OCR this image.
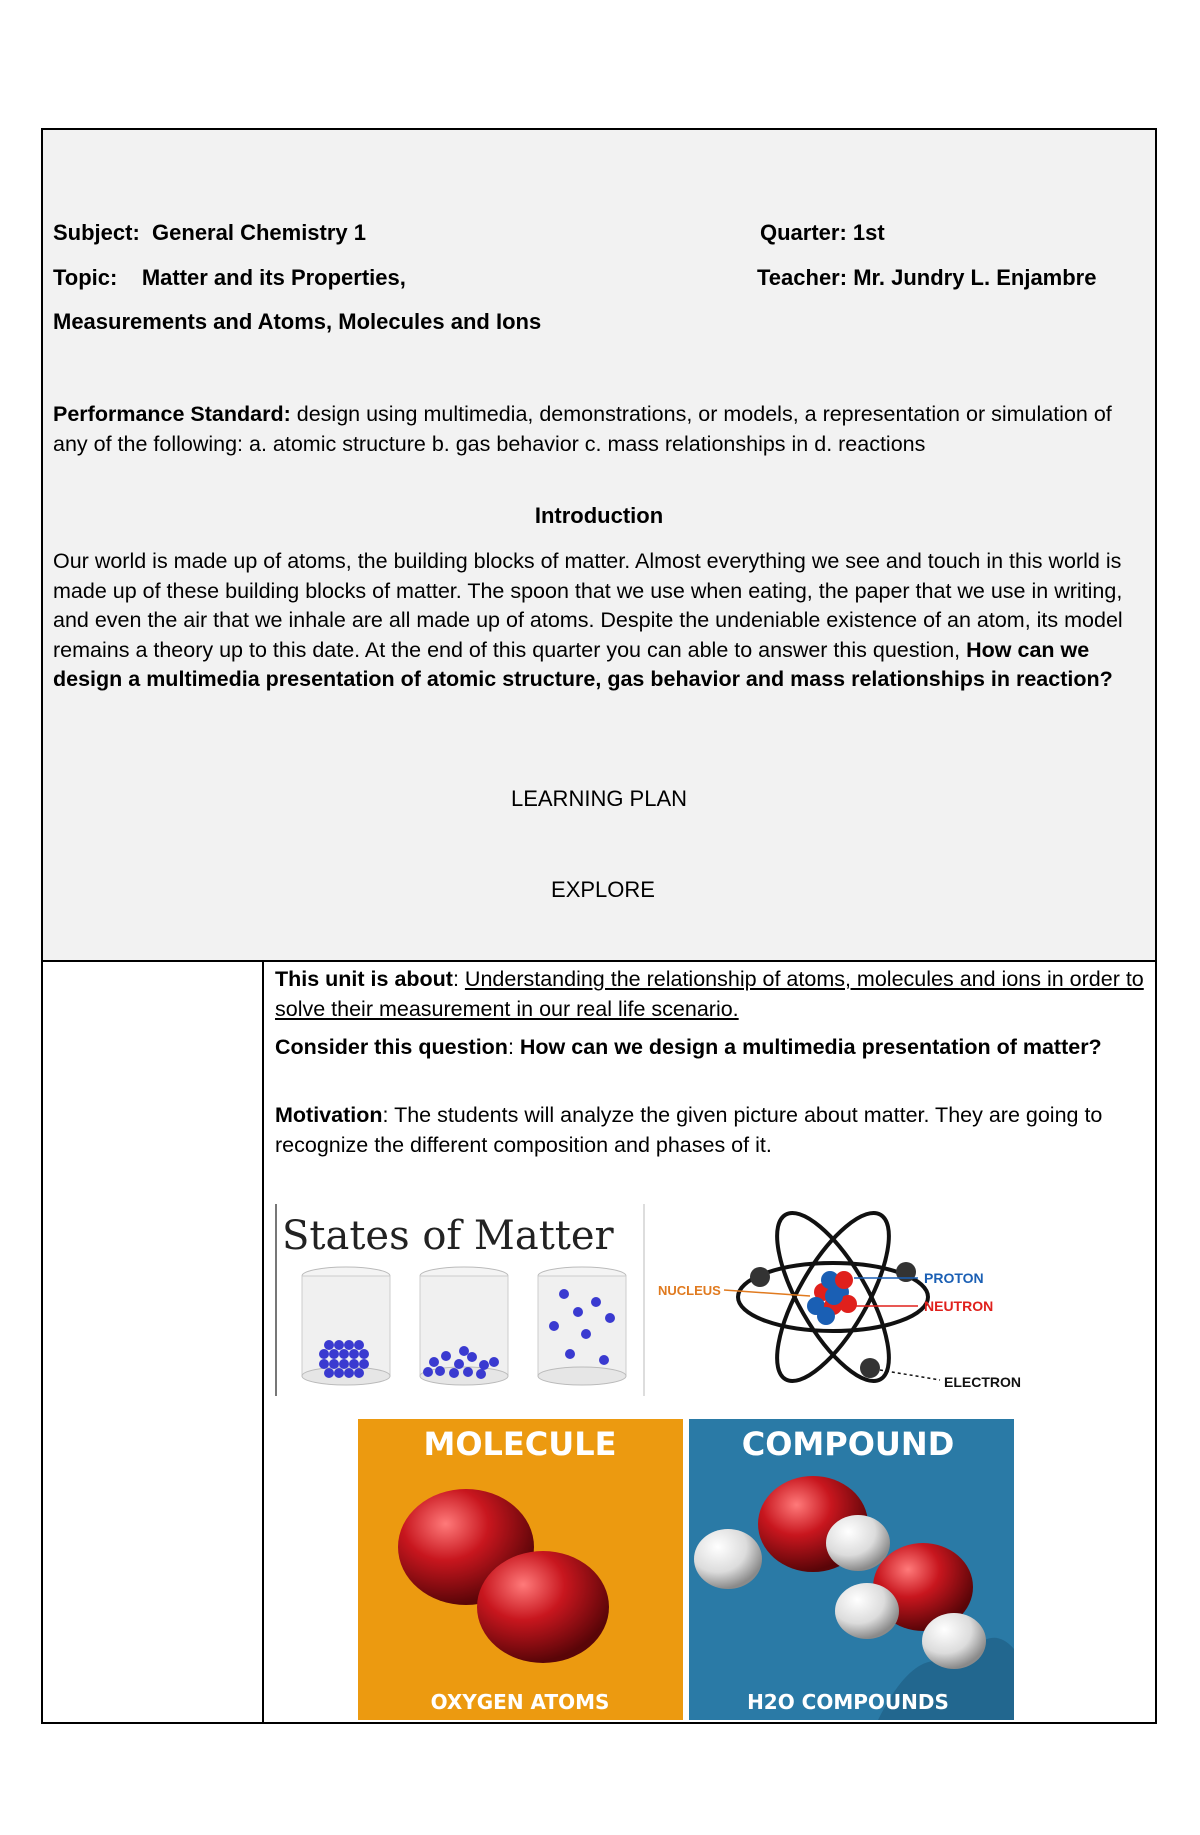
Subject: General Chemistry 1	Quarter: 1st
Topic: Matter and its Properties,	Teacher: Mr. Jundry L. Enjambre
Measurements and Atoms, Molecules and Ions
Performance Standard: design using multimedia, demonstrations, or models, a representation or simulation of any of the following: a. atomic structure b. gas behavior c. mass relationships in d. reactions
Introduction
Our world is made up of atoms, the building blocks of matter. Almost everything we see and touch in this world is made up of these building blocks of matter. The spoon that we use when eating, the paper that we use in writing, and even the air that we inhale are all made up of atoms. Despite the undeniable existence of an atom, its model remains a theory up to this date. At the end of this quarter you can able to answer this question, How can we design a multimedia presentation of atomic structure, gas behavior and mass relationships in reaction?
LEARNING PLAN
EXPLORE
This unit is about: Understanding the relationship of atoms, molecules and ions in order to solve their measurement in our real life scenario.
Consider this question: How can we design a multimedia presentation of matter?
Motivation: The students will analyze the given picture about matter. They are going to recognize the different composition and phases of it.
States of Matter
NUCLEUS
PROTON
NEUTRON
ELECTRON
MOLECULE
OXYGEN ATOMS
COMPOUND
H2O COMPOUNDS
